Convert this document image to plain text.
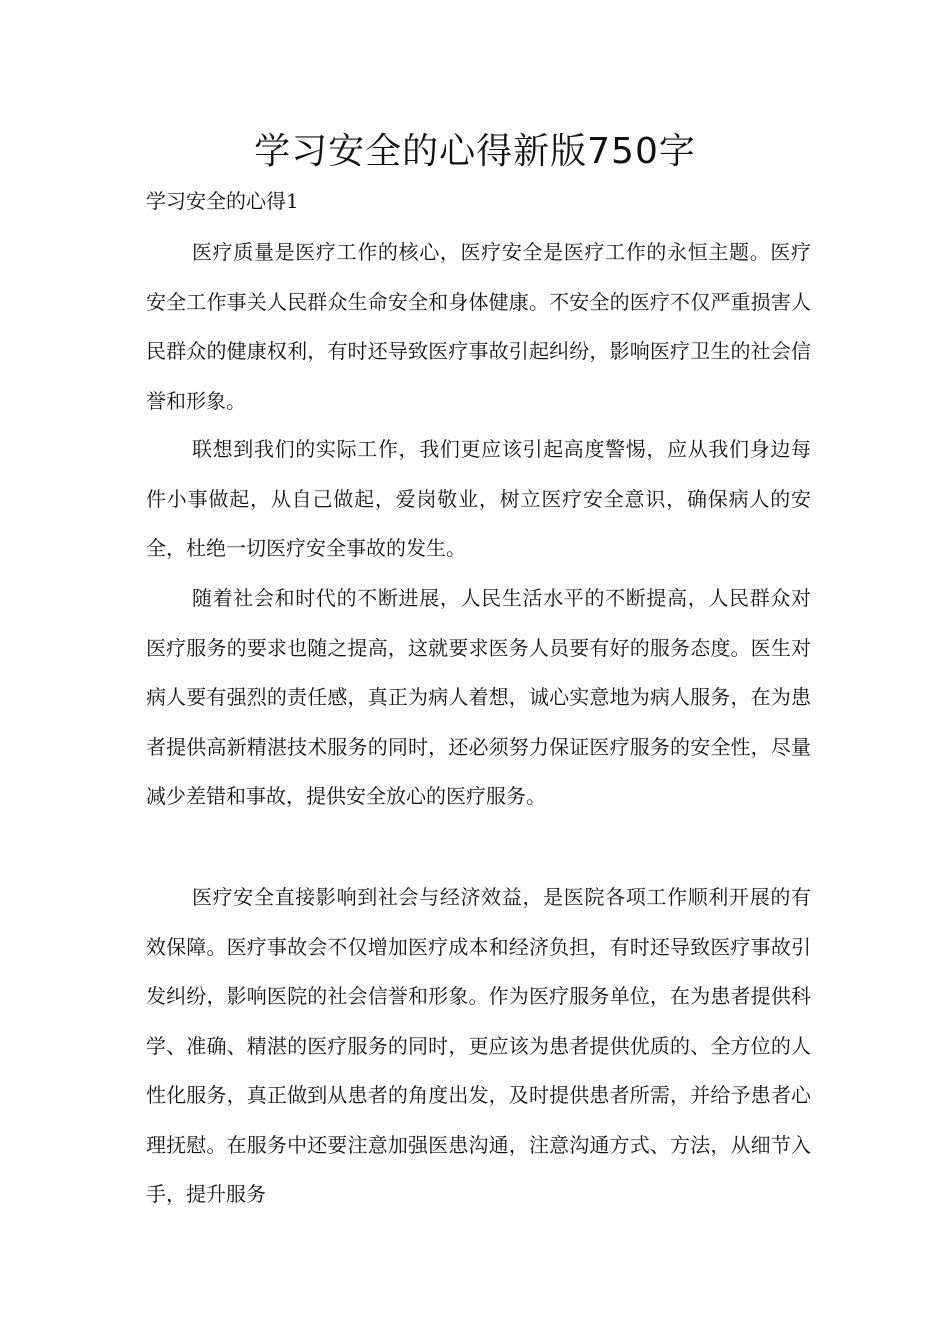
学习安全的心得新版750字
学习安全的心得1

医疗质量是医疗工作的核心，医疗安全是医疗工作的永恒主题。医疗安全工作事关人民群众生命安全和身体健康。不安全的医疗不仅严重损害人民群众的健康权利，有时还导致医疗事故引起纠纷，影响医疗卫生的社会信誉和形象。

联想到我们的实际工作，我们更应该引起高度警惕，应从我们身边每件小事做起，从自己做起，爱岗敬业，树立医疗安全意识，确保病人的安全，杜绝一切医疗安全事故的发生。

随着社会和时代的不断进展，人民生活水平的不断提高，人民群众对医疗服务的要求也随之提高，这就要求医务人员要有好的服务态度。医生对病人要有强烈的责任感，真正为病人着想，诚心实意地为病人服务，在为患者提供高新精湛技术服务的同时，还必须努力保证医疗服务的安全性，尽量减少差错和事故，提供安全放心的医疗服务。

医疗安全直接影响到社会与经济效益，是医院各项工作顺利开展的有效保障。医疗事故会不仅增加医疗成本和经济负担，有时还导致医疗事故引发纠纷，影响医院的社会信誉和形象。作为医疗服务单位，在为患者提供科学、准确、精湛的医疗服务的同时，更应该为患者提供优质的、全方位的人性化服务，真正做到从患者的角度出发，及时提供患者所需，并给予患者心理抚慰。在服务中还要注意加强医患沟通，注意沟通方式、方法，从细节入手，提升服务
